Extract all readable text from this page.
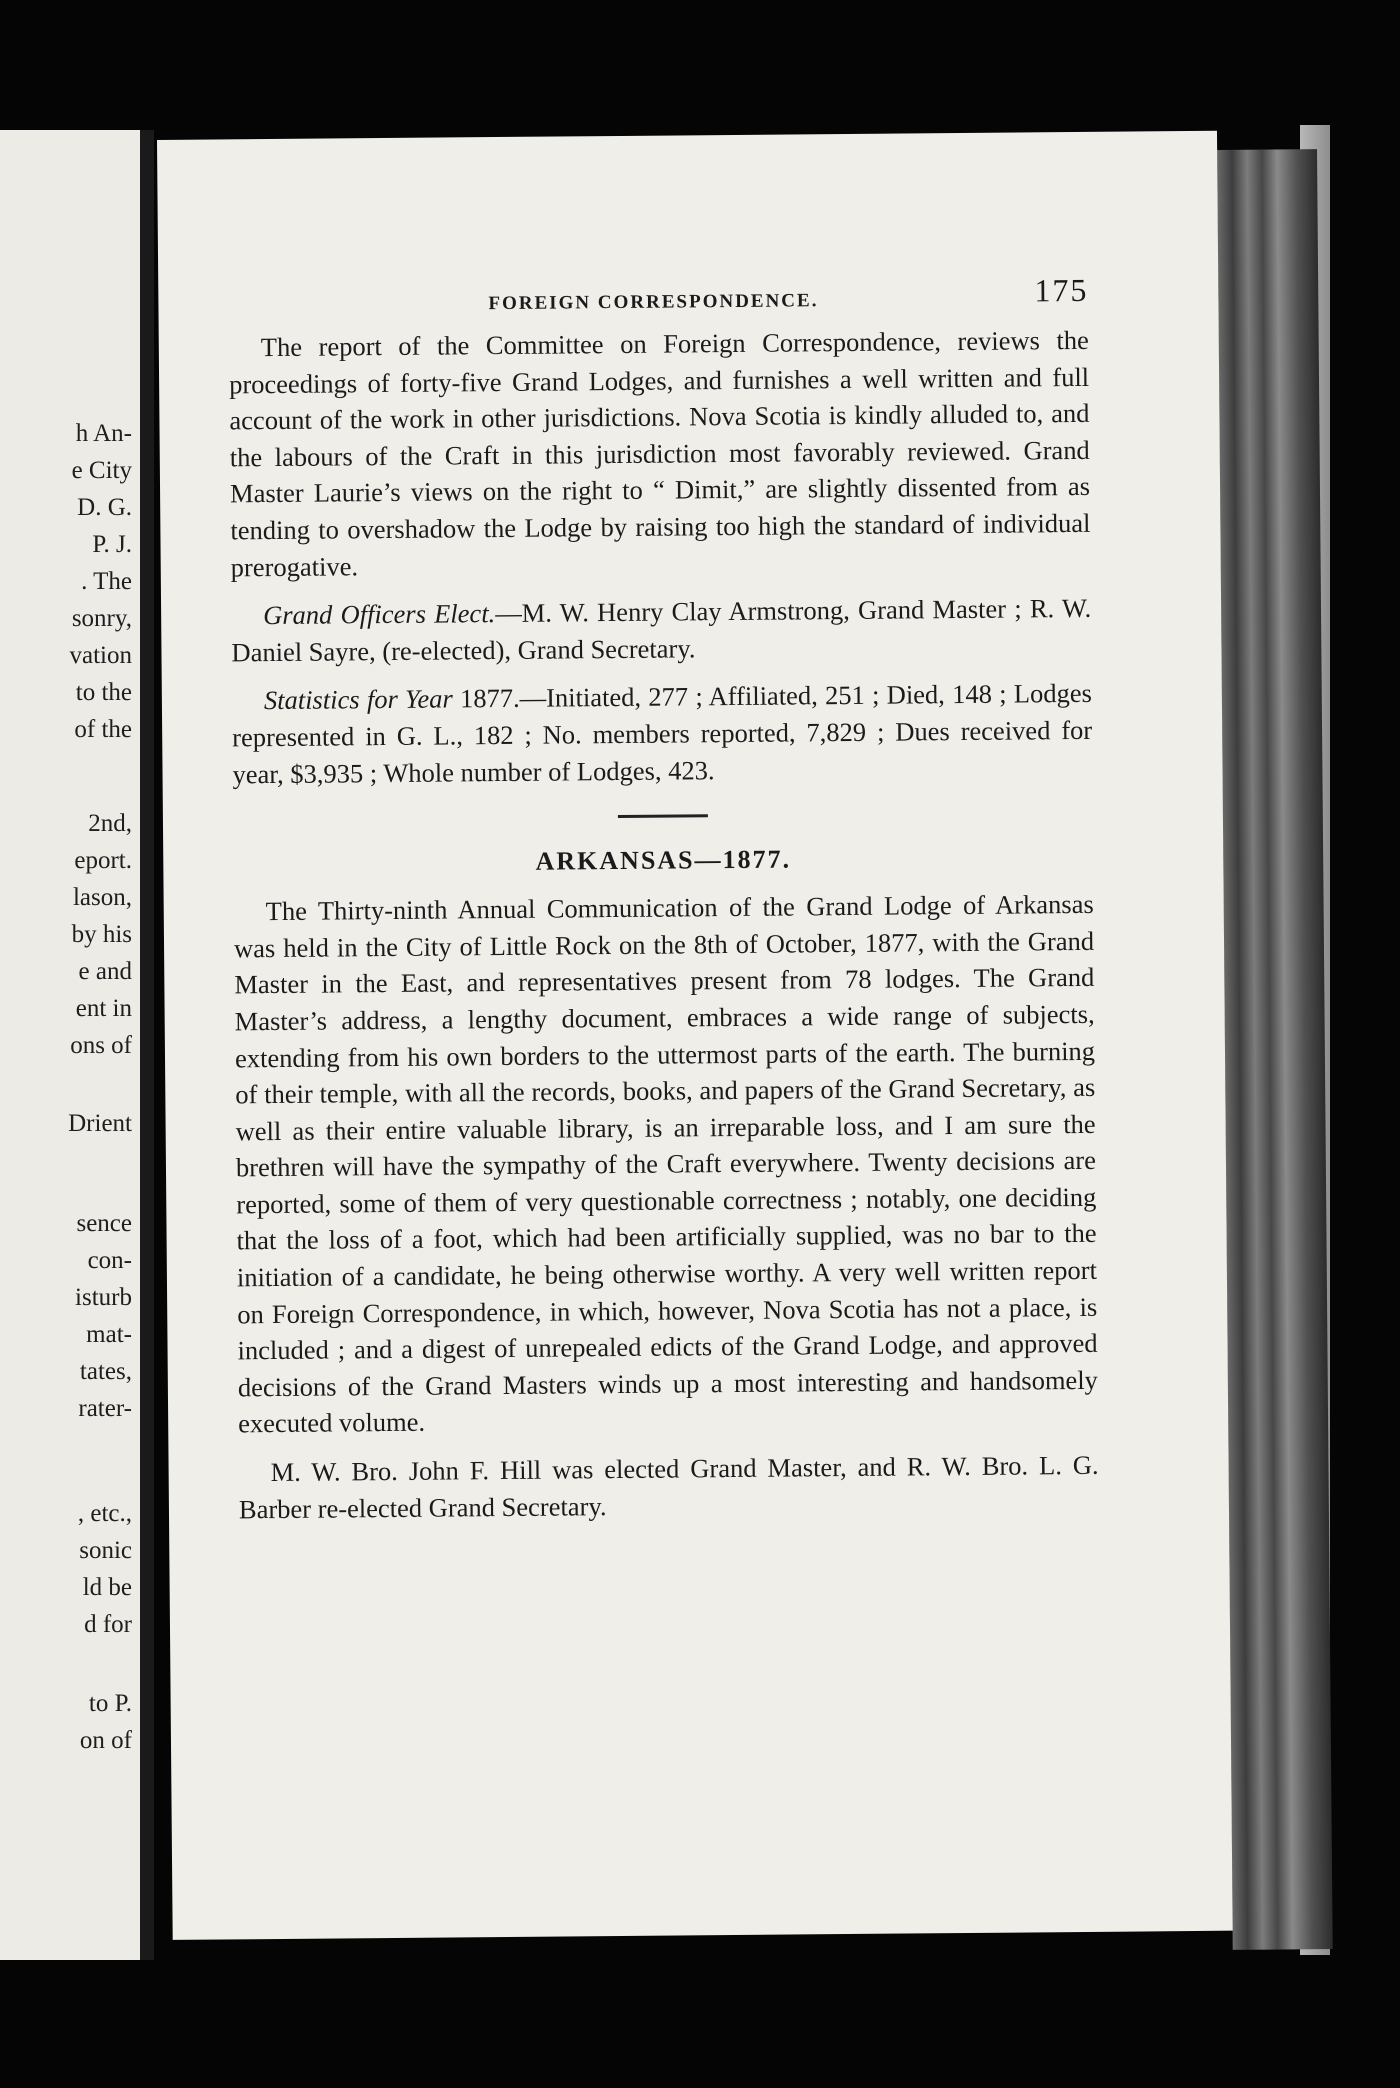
h An-
e City
D. G.
P. J.
. The
sonry,
vation
to the
of the
2nd,
eport.
lason,
by his
e and
ent in
ons of
Drient
sence
con-
isturb
mat-
tates,
rater-
, etc.,
sonic
ld be
d for
to P.
on of
FOREIGN CORRESPONDENCE.	175

The report of the Committee on Foreign Correspondence, reviews the proceedings of forty-five Grand Lodges, and furnishes a well written and full account of the work in other jurisdictions. Nova Scotia is kindly alluded to, and the labours of the Craft in this jurisdiction most favorably reviewed. Grand Master Laurie’s views on the right to “ Dimit,” are slightly dissented from as tending to overshadow the Lodge by raising too high the standard of individual prerogative.

Grand Officers Elect.—M. W. Henry Clay Armstrong, Grand Master ; R. W. Daniel Sayre, (re-elected), Grand Secretary.

Statistics for Year 1877.—Initiated, 277 ; Affiliated, 251 ; Died, 148 ; Lodges represented in G. L., 182 ; No. members reported, 7,829 ; Dues received for year, $3,935 ; Whole number of Lodges, 423.

ARKANSAS—1877.

The Thirty-ninth Annual Communication of the Grand Lodge of Arkansas was held in the City of Little Rock on the 8th of October, 1877, with the Grand Master in the East, and representatives present from 78 lodges. The Grand Master’s address, a lengthy document, embraces a wide range of subjects, extending from his own borders to the uttermost parts of the earth. The burning of their temple, with all the records, books, and papers of the Grand Secretary, as well as their entire valuable library, is an irreparable loss, and I am sure the brethren will have the sympathy of the Craft everywhere. Twenty decisions are reported, some of them of very questionable correctness ; notably, one deciding that the loss of a foot, which had been artificially supplied, was no bar to the initiation of a candidate, he being otherwise worthy. A very well written report on Foreign Correspondence, in which, however, Nova Scotia has not a place, is included ; and a digest of unrepealed edicts of the Grand Lodge, and approved decisions of the Grand Masters winds up a most interesting and handsomely executed volume.

M. W. Bro. John F. Hill was elected Grand Master, and R. W. Bro. L. G. Barber re-elected Grand Secretary.
